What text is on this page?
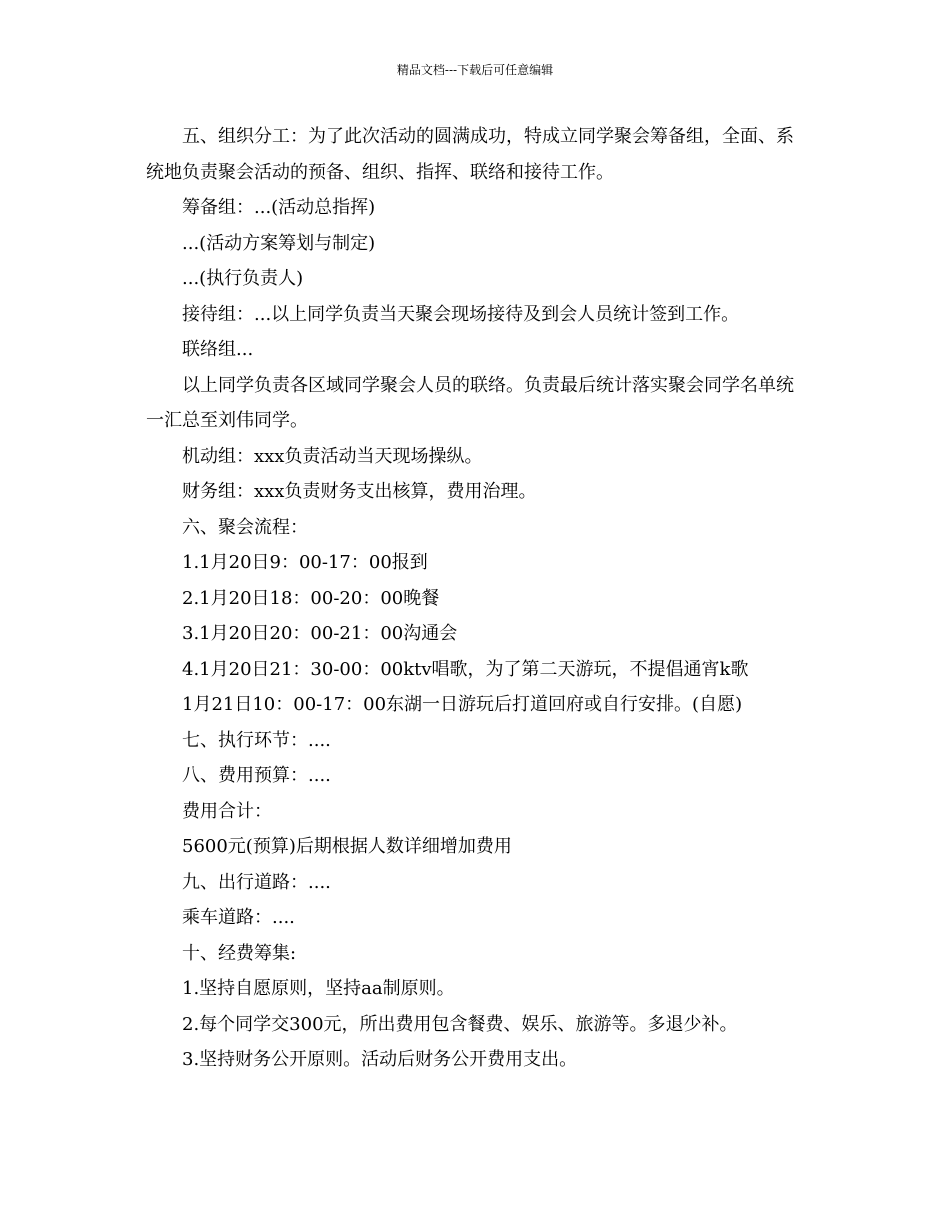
精品文档---下载后可任意编辑

五、组织分工：为了此次活动的圆满成功，特成立同学聚会筹备组，全面、系统地负责聚会活动的预备、组织、指挥、联络和接待工作。

筹备组：...(活动总指挥)

...(活动方案筹划与制定)

...(执行负责人)

接待组：...以上同学负责当天聚会现场接待及到会人员统计签到工作。

联络组...

以上同学负责各区域同学聚会人员的联络。负责最后统计落实聚会同学名单统一汇总至刘伟同学。

机动组：xxx负责活动当天现场操纵。

财务组：xxx负责财务支出核算，费用治理。

六、聚会流程：

1.1月20日9：00-17：00报到

2.1月20日18：00-20：00晚餐

3.1月20日20：00-21：00沟通会

4.1月20日21：30-00：00ktv唱歌，为了第二天游玩，不提倡通宵k歌

1月21日10：00-17：00东湖一日游玩后打道回府或自行安排。(自愿)

七、执行环节：....

八、费用预算：....

费用合计：

5600元(预算)后期根据人数详细增加费用

九、出行道路：....

乘车道路：....

十、经费筹集:

1.坚持自愿原则，坚持aa制原则。

2.每个同学交300元，所出费用包含餐费、娱乐、旅游等。多退少补。

3.坚持财务公开原则。活动后财务公开费用支出。
